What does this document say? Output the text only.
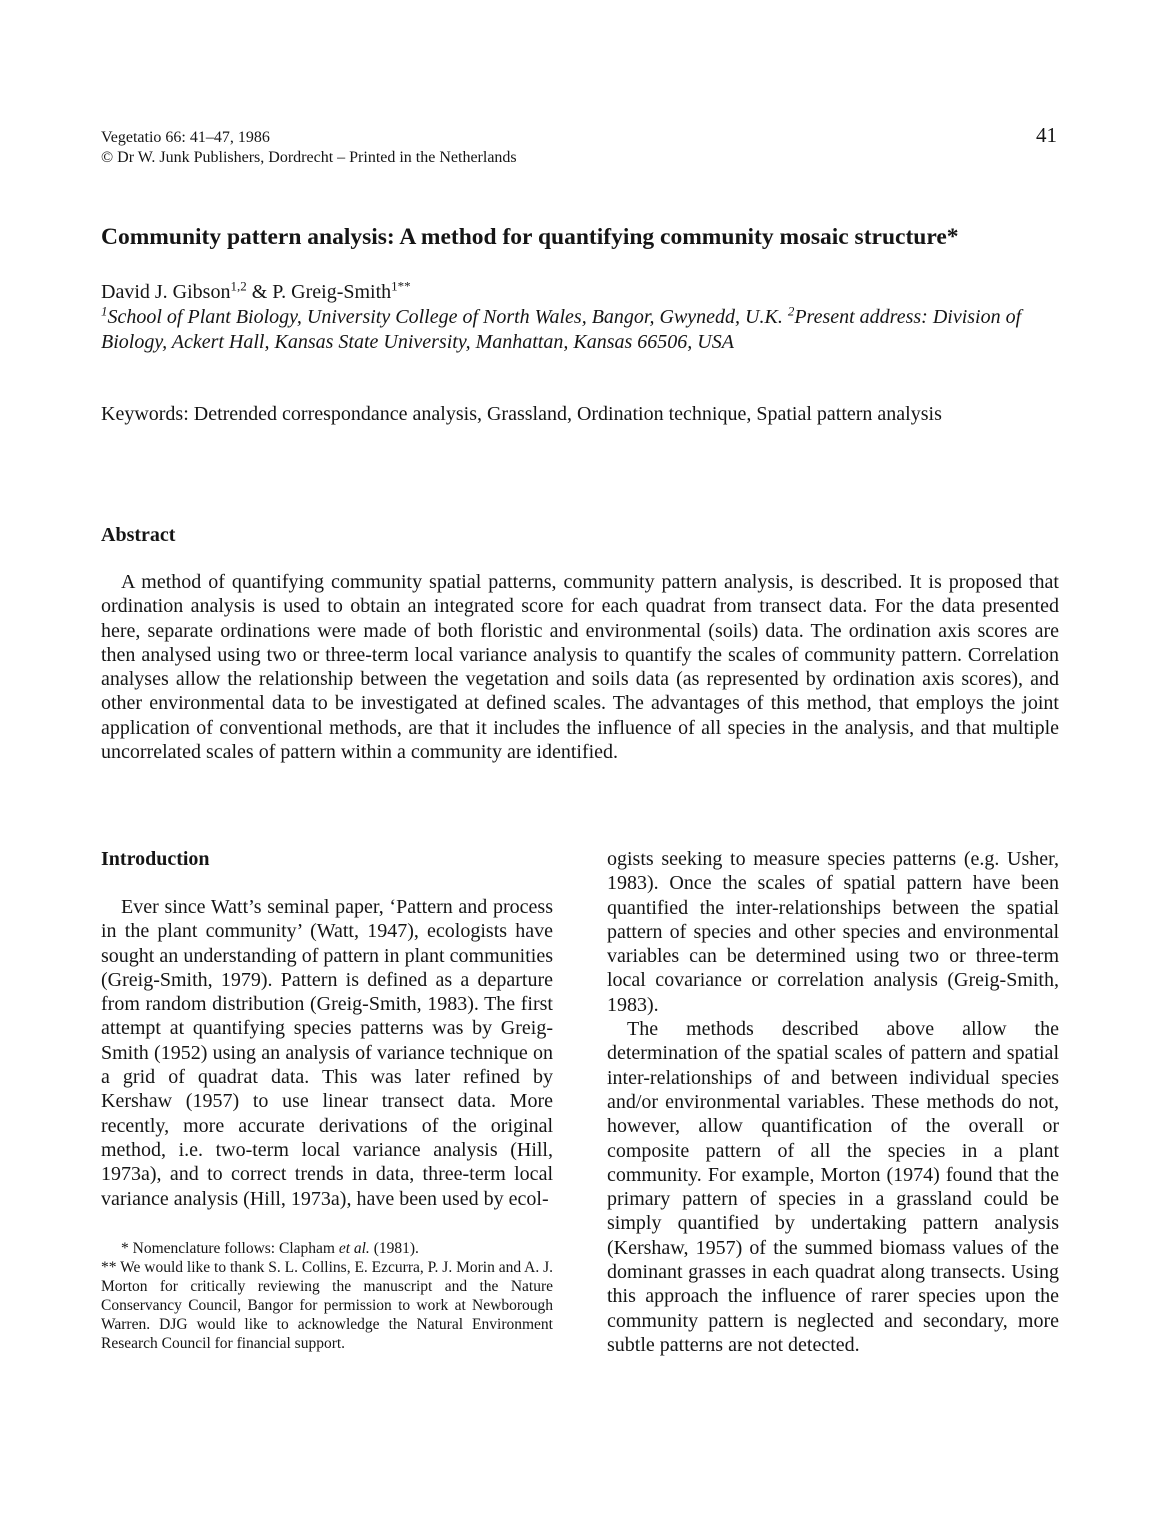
Vegetatio 66: 41–47, 1986
© Dr W. Junk Publishers, Dordrecht – Printed in the Netherlands
41
Community pattern analysis: A method for quantifying community mosaic structure*
David J. Gibson$^{1,2}$ & P. Greig-Smith$^{1**}$
$^1$School of Plant Biology, University College of North Wales, Bangor, Gwynedd, U.K. $^2$Present address: Division of Biology, Ackert Hall, Kansas State University, Manhattan, Kansas 66506, USA
Keywords: Detrended correspondance analysis, Grassland, Ordination technique, Spatial pattern analysis
Abstract

A method of quantifying community spatial patterns, community pattern analysis, is described. It is proposed that ordination analysis is used to obtain an integrated score for each quadrat from transect data. For the data presented here, separate ordinations were made of both floristic and environmental (soils) data. The ordination axis scores are then analysed using two or three-term local variance analysis to quantify the scales of community pattern. Correlation analyses allow the relationship between the vegetation and soils data (as represented by ordination axis scores), and other environmental data to be investigated at defined scales. The advantages of this method, that employs the joint application of conventional methods, are that it includes the influence of all species in the analysis, and that multiple uncorrelated scales of pattern within a community are identified.

Introduction

Ever since Watt’s seminal paper, ‘Pattern and process in the plant community’ (Watt, 1947), ecologists have sought an understanding of pattern in plant communities (Greig-Smith, 1979). Pattern is defined as a departure from random distribution (Greig-Smith, 1983). The first attempt at quantifying species patterns was by Greig-Smith (1952) using an analysis of variance technique on a grid of quadrat data. This was later refined by Kershaw (1957) to use linear transect data. More recently, more accurate derivations of the original method, i.e. two-term local variance analysis (Hill, 1973a), and to correct trends in data, three-term local variance analysis (Hill, 1973a), have been used by ecol-

* Nomenclature follows: Clapham et al. (1981).

** We would like to thank S. L. Collins, E. Ezcurra, P. J. Morin and A. J. Morton for critically reviewing the manuscript and the Nature Conservancy Council, Bangor for permission to work at Newborough Warren. DJG would like to acknowledge the Natural Environment Research Council for financial support.

ogists seeking to measure species patterns (e.g. Usher, 1983). Once the scales of spatial pattern have been quantified the inter-relationships between the spatial pattern of species and other species and environmental variables can be determined using two or three-term local covariance or correlation analysis (Greig-Smith, 1983).

The methods described above allow the determination of the spatial scales of pattern and spatial inter-relationships of and between individual species and/or environmental variables. These methods do not, however, allow quantification of the overall or composite pattern of all the species in a plant community. For example, Morton (1974) found that the primary pattern of species in a grassland could be simply quantified by undertaking pattern analysis (Kershaw, 1957) of the summed biomass values of the dominant grasses in each quadrat along transects. Using this approach the influence of rarer species upon the community pattern is neglected and secondary, more subtle patterns are not detected.
